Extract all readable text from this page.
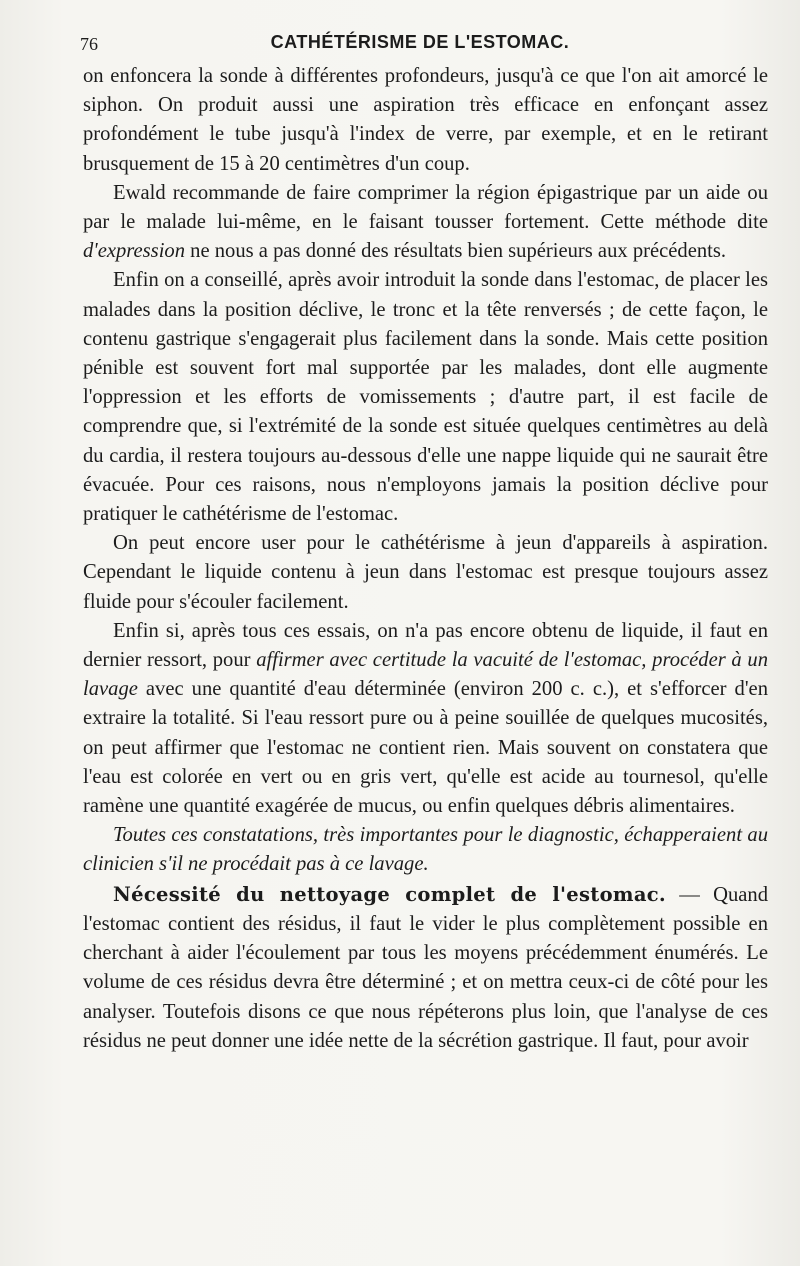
76	CATHÉTÉRISME DE L'ESTOMAC.

on enfoncera la sonde à différentes profondeurs, jusqu'à ce que l'on ait amorcé le siphon. On produit aussi une aspiration très efficace en enfonçant assez profondément le tube jusqu'à l'index de verre, par exemple, et en le retirant brusquement de 15 à 20 centimètres d'un coup.

Ewald recommande de faire comprimer la région épigastrique par un aide ou par le malade lui-même, en le faisant tousser fortement. Cette méthode dite d'expression ne nous a pas donné des résultats bien supérieurs aux précédents.

Enfin on a conseillé, après avoir introduit la sonde dans l'estomac, de placer les malades dans la position déclive, le tronc et la tête renversés ; de cette façon, le contenu gastrique s'engagerait plus facilement dans la sonde. Mais cette position pénible est souvent fort mal supportée par les malades, dont elle augmente l'oppression et les efforts de vomissements ; d'autre part, il est facile de comprendre que, si l'extrémité de la sonde est située quelques centimètres au delà du cardia, il restera toujours au-dessous d'elle une nappe liquide qui ne saurait être évacuée. Pour ces raisons, nous n'employons jamais la position déclive pour pratiquer le cathétérisme de l'estomac.

On peut encore user pour le cathétérisme à jeun d'appareils à aspiration. Cependant le liquide contenu à jeun dans l'estomac est presque toujours assez fluide pour s'écouler facilement.

Enfin si, après tous ces essais, on n'a pas encore obtenu de liquide, il faut en dernier ressort, pour affirmer avec certitude la vacuité de l'estomac, procéder à un lavage avec une quantité d'eau déterminée (environ 200 c. c.), et s'efforcer d'en extraire la totalité. Si l'eau ressort pure ou à peine souillée de quelques mucosités, on peut affirmer que l'estomac ne contient rien. Mais souvent on constatera que l'eau est colorée en vert ou en gris vert, qu'elle est acide au tournesol, qu'elle ramène une quantité exagérée de mucus, ou enfin quelques débris alimentaires.

Toutes ces constatations, très importantes pour le diagnostic, échapperaient au clinicien s'il ne procédait pas à ce lavage.

Nécessité du nettoyage complet de l'estomac. — Quand l'estomac contient des résidus, il faut le vider le plus complètement possible en cherchant à aider l'écoulement par tous les moyens précédemment énumérés. Le volume de ces résidus devra être déterminé ; et on mettra ceux-ci de côté pour les analyser. Toutefois disons ce que nous répéterons plus loin, que l'analyse de ces résidus ne peut donner une idée nette de la sécrétion gastrique. Il faut, pour avoir
